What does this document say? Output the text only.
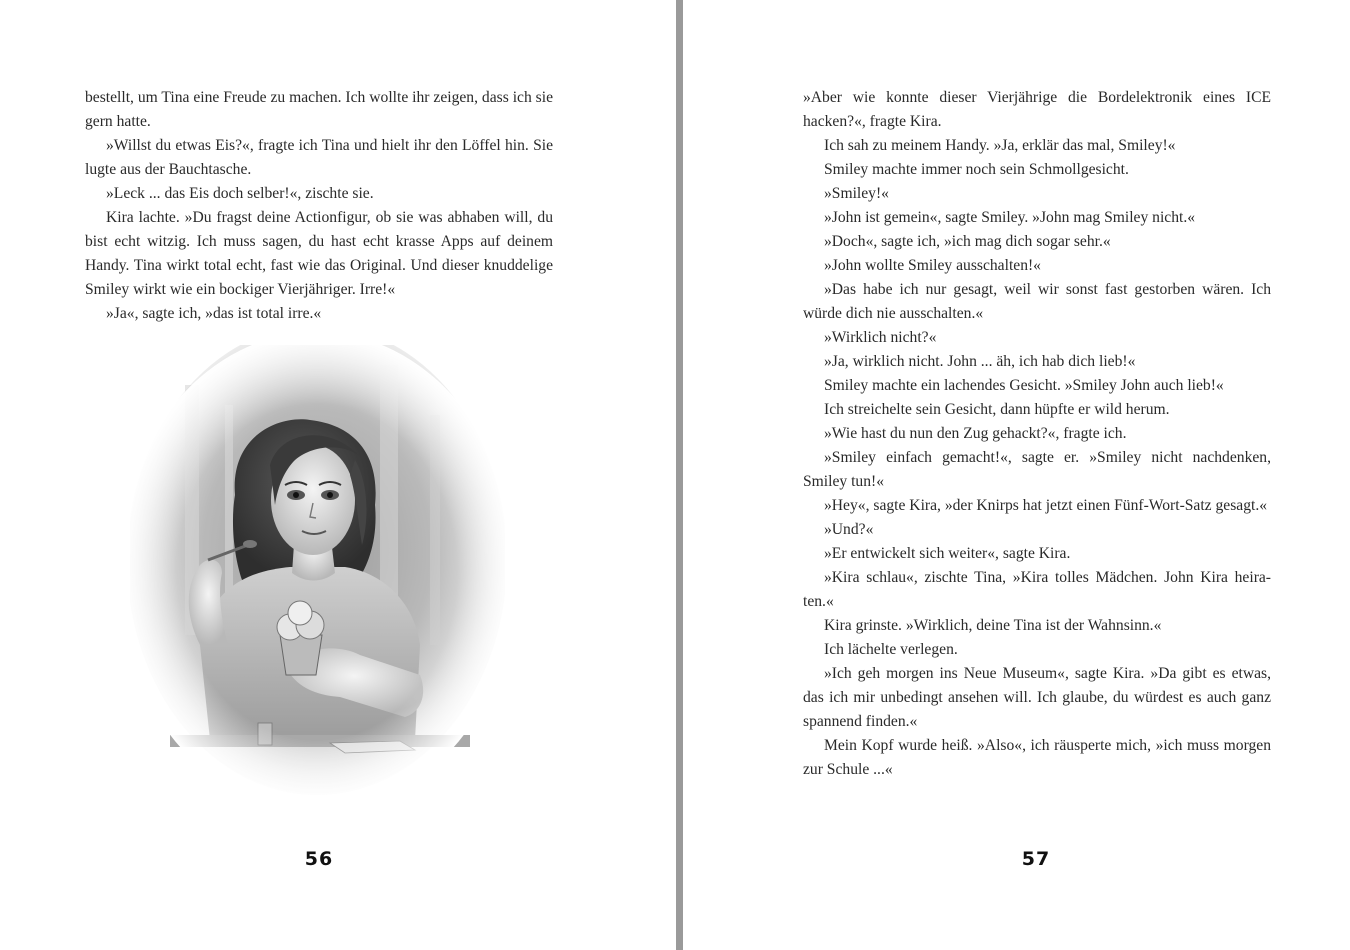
bestellt, um Tina eine Freude zu machen. Ich wollte ihr zeigen, dass ich sie gern hatte.

»Willst du etwas Eis?«, fragte ich Tina und hielt ihr den Löffel hin. Sie lugte aus der Bauchtasche.

»Leck ... das Eis doch selber!«, zischte sie.

Kira lachte. »Du fragst deine Actionfigur, ob sie was abhaben will, du bist echt witzig. Ich muss sagen, du hast echt krasse Apps auf deinem Handy. Tina wirkt total echt, fast wie das Original. Und dieser knuddelige Smiley wirkt wie ein bockiger Vierjähriger. Irre!«

»Ja«, sagte ich, »das ist total irre.«

56

»Aber wie konnte dieser Vierjährige die Bordelektronik eines ICE hacken?«, fragte Kira.

Ich sah zu meinem Handy. »Ja, erklär das mal, Smiley!«

Smiley machte immer noch sein Schmollgesicht.

»Smiley!«

»John ist gemein«, sagte Smiley. »John mag Smiley nicht.«

»Doch«, sagte ich, »ich mag dich sogar sehr.«

»John wollte Smiley ausschalten!«

»Das habe ich nur gesagt, weil wir sonst fast gestorben wären. Ich würde dich nie ausschalten.«

»Wirklich nicht?«

»Ja, wirklich nicht. John ... äh, ich hab dich lieb!«

Smiley machte ein lachendes Gesicht. »Smiley John auch lieb!«

Ich streichelte sein Gesicht, dann hüpfte er wild herum.

»Wie hast du nun den Zug gehackt?«, fragte ich.

»Smiley einfach gemacht!«, sagte er. »Smiley nicht nachdenken, Smiley tun!«

»Hey«, sagte Kira, »der Knirps hat jetzt einen Fünf-Wort-Satz gesagt.«

»Und?«

»Er entwickelt sich weiter«, sagte Kira.

»Kira schlau«, zischte Tina, »Kira tolles Mädchen. John Kira heira-ten.«

Kira grinste. »Wirklich, deine Tina ist der Wahnsinn.«

Ich lächelte verlegen.

»Ich geh morgen ins Neue Museum«, sagte Kira. »Da gibt es etwas, das ich mir unbedingt ansehen will. Ich glaube, du würdest es auch ganz spannend finden.«

Mein Kopf wurde heiß. »Also«, ich räusperte mich, »ich muss morgen zur Schule ...«

57
